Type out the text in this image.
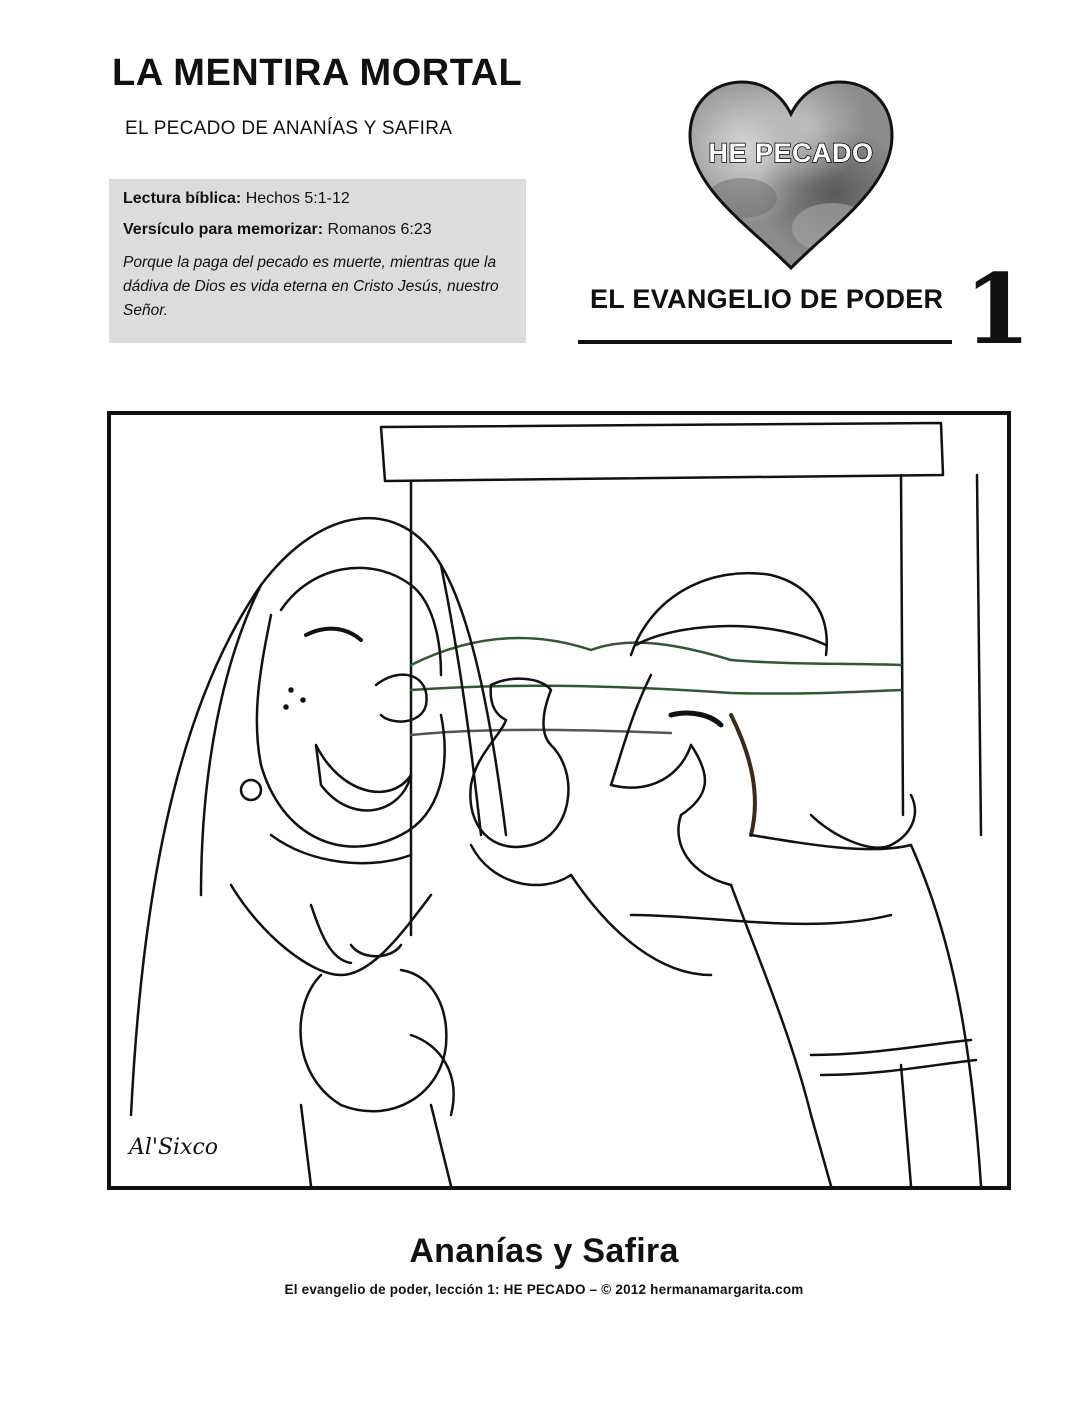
LA MENTIRA MORTAL
EL PECADO DE ANANÍAS Y SAFIRA

Lectura bíblica: Hechos 5:1-12

Versículo para memorizar: Romanos 6:23

Porque la paga del pecado es muerte, mientras que la dádiva de Dios es vida eterna en Cristo Jesús, nuestro Señor.

HE PECADO
EL EVANGELIO DE PODER 1
Al'Sixco
Ananías y Safira
El evangelio de poder, lección 1: HE PECADO – © 2012 hermanamargarita.com
